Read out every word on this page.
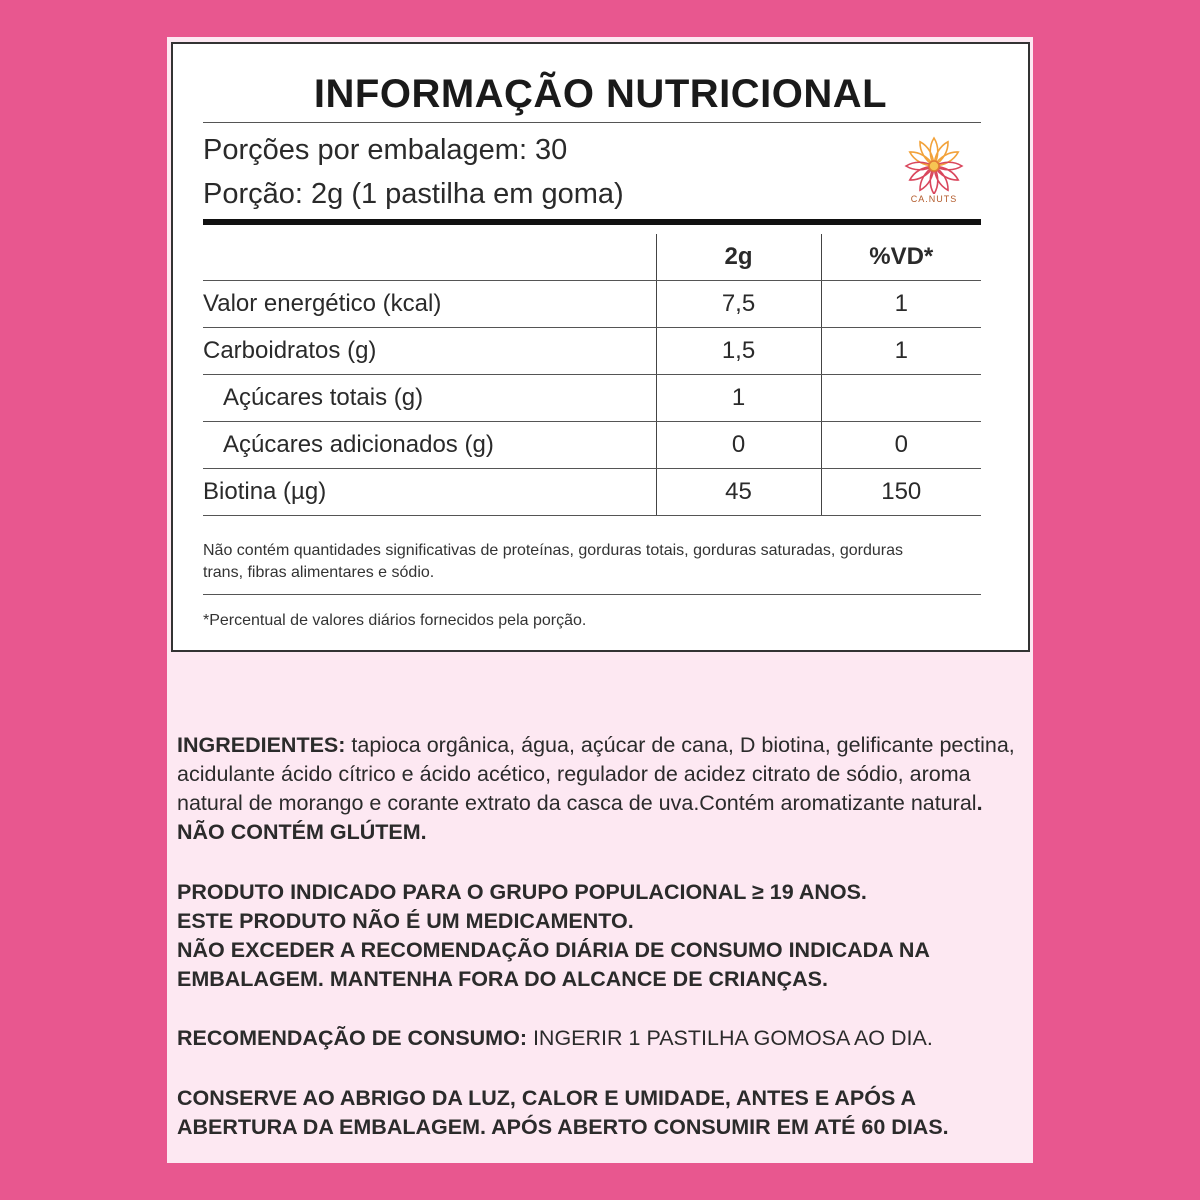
INFORMAÇÃO NUTRICIONAL
Porções por embalagem: 30
Porção: 2g (1 pastilha em goma)	CA.NUTS
	2g	%VD*
Valor energético (kcal)	7,5	1
Carboidratos (g)	1,5	1
Açúcares totais (g)	1	
Açúcares adicionados (g)	0	0
Biotina (µg)	45	150
Não contém quantidades significativas de proteínas, gorduras totais, gorduras saturadas, gorduras trans, fibras alimentares e sódio.
*Percentual de valores diários fornecidos pela porção.
INGREDIENTES: tapioca orgânica, água, açúcar de cana, D biotina, gelificante pectina, acidulante ácido cítrico e ácido acético, regulador de acidez citrato de sódio, aroma natural de morango e corante extrato da casca de uva.Contém aromatizante natural. NÃO CONTÉM GLÚTEM.
PRODUTO INDICADO PARA O GRUPO POPULACIONAL ≥ 19 ANOS.
ESTE PRODUTO NÃO É UM MEDICAMENTO.
NÃO EXCEDER A RECOMENDAÇÃO DIÁRIA DE CONSUMO INDICADA NA EMBALAGEM. MANTENHA FORA DO ALCANCE DE CRIANÇAS.
RECOMENDAÇÃO DE CONSUMO: INGERIR 1 PASTILHA GOMOSA AO DIA.
CONSERVE AO ABRIGO DA LUZ, CALOR E UMIDADE, ANTES E APÓS A ABERTURA DA EMBALAGEM. APÓS ABERTO CONSUMIR EM ATÉ 60 DIAS.
